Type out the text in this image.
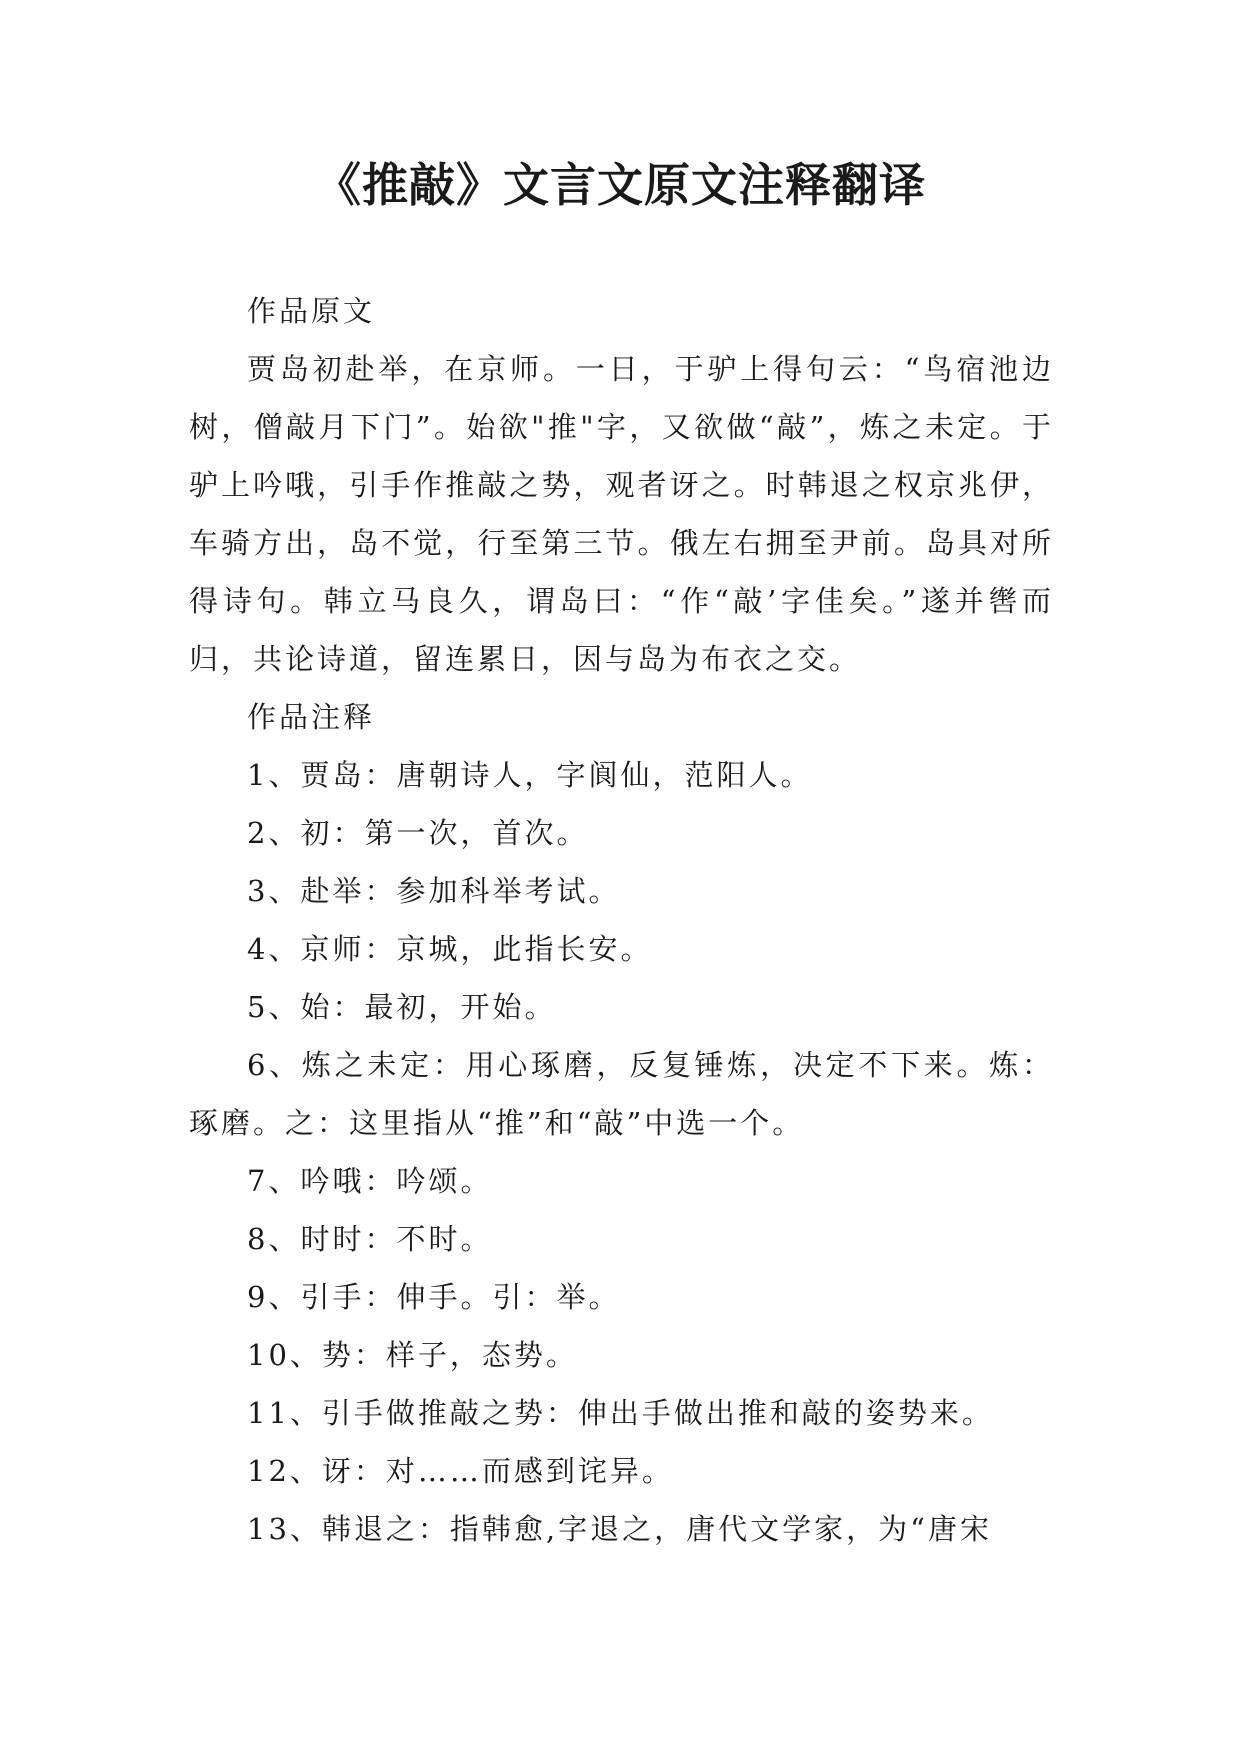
《推敲》文言文原文注释翻译

作品原文

贾岛初赴举，在京师。一日，于驴上得句云：“鸟宿池边树，僧敲月下门”。始欲"推"字，又欲做“敲”，炼之未定。于驴上吟哦，引手作推敲之势，观者讶之。时韩退之权京兆伊，车骑方出，岛不觉，行至第三节。俄左右拥至尹前。岛具对所得诗句。韩立马良久，谓岛曰：“作“敲’字佳矣。”遂并辔而归，共论诗道，留连累日，因与岛为布衣之交。

作品注释

1、贾岛：唐朝诗人，字阆仙，范阳人。

2、初：第一次，首次。

3、赴举：参加科举考试。

4、京师：京城，此指长安。

5、始：最初，开始。

6、炼之未定：用心琢磨，反复锤炼，决定不下来。炼：琢磨。之：这里指从“推”和“敲”中选一个。

7、吟哦：吟颂。

8、时时：不时。

9、引手：伸手。引：举。

10、势：样子，态势。

11、引手做推敲之势：伸出手做出推和敲的姿势来。

12、讶：对……而感到诧异。

13、韩退之：指韩愈,字退之，唐代文学家，为“唐宋
